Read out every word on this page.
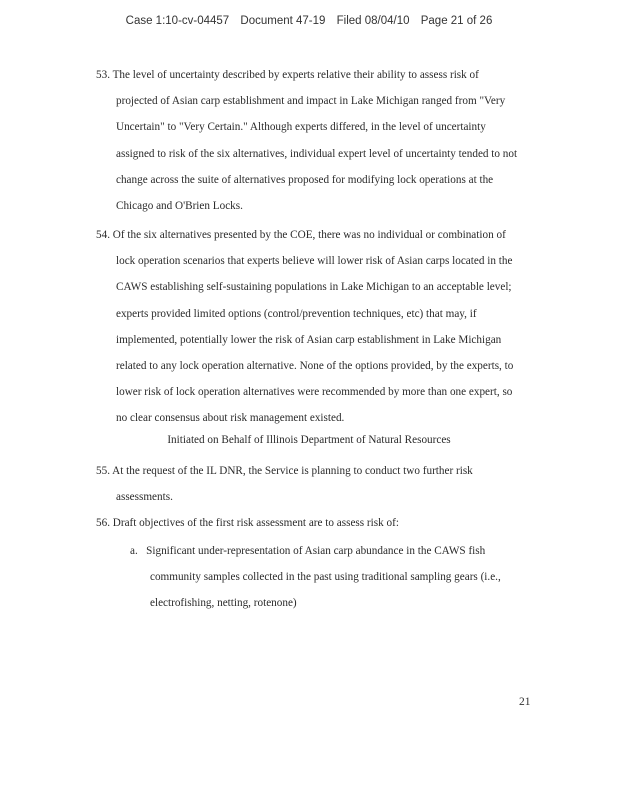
Case 1:10-cv-04457 Document 47-19 Filed 08/04/10 Page 21 of 26
53. The level of uncertainty described by experts relative their ability to assess risk of
projected of Asian carp establishment and impact in Lake Michigan ranged from "Very
Uncertain" to "Very Certain." Although experts differed, in the level of uncertainty
assigned to risk of the six alternatives, individual expert level of uncertainty tended to not
change across the suite of alternatives proposed for modifying lock operations at the
Chicago and O'Brien Locks.
54. Of the six alternatives presented by the COE, there was no individual or combination of
lock operation scenarios that experts believe will lower risk of Asian carps located in the
CAWS establishing self-sustaining populations in Lake Michigan to an acceptable level;
experts provided limited options (control/prevention techniques, etc) that may, if
implemented, potentially lower the risk of Asian carp establishment in Lake Michigan
related to any lock operation alternative. None of the options provided, by the experts, to
lower risk of lock operation alternatives were recommended by more than one expert, so
no clear consensus about risk management existed.
Initiated on Behalf of Illinois Department of Natural Resources
55. At the request of the IL DNR, the Service is planning to conduct two further risk
assessments.
56. Draft objectives of the first risk assessment are to assess risk of:
a. Significant under-representation of Asian carp abundance in the CAWS fish
community samples collected in the past using traditional sampling gears (i.e.,
electrofishing, netting, rotenone)
21
